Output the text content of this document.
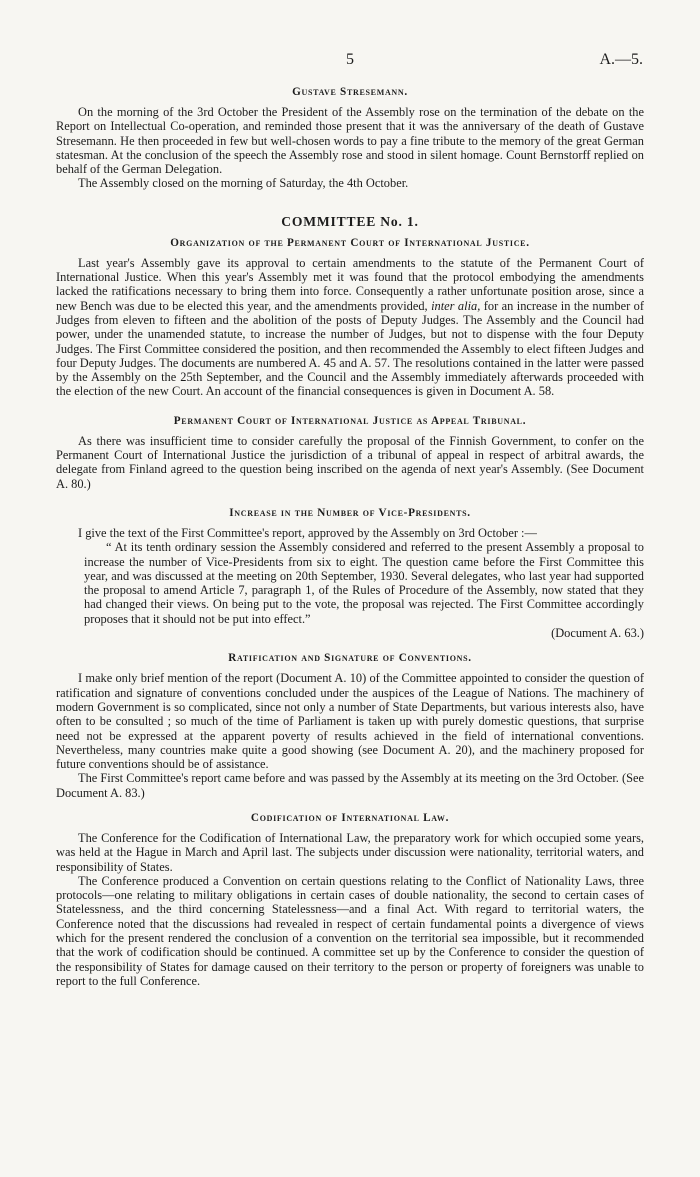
5	A.—5.
Gustave Stresemann.

On the morning of the 3rd October the President of the Assembly rose on the termination of the debate on the Report on Intellectual Co-operation, and reminded those present that it was the anniversary of the death of Gustave Stresemann. He then proceeded in few but well-chosen words to pay a fine tribute to the memory of the great German statesman. At the conclusion of the speech the Assembly rose and stood in silent homage. Count Bernstorff replied on behalf of the German Delegation.

The Assembly closed on the morning of Saturday, the 4th October.

COMMITTEE No. 1.
Organization of the Permanent Court of International Justice.

Last year's Assembly gave its approval to certain amendments to the statute of the Permanent Court of International Justice. When this year's Assembly met it was found that the protocol embodying the amendments lacked the ratifications necessary to bring them into force. Consequently a rather unfortunate position arose, since a new Bench was due to be elected this year, and the amendments provided, inter alia, for an increase in the number of Judges from eleven to fifteen and the abolition of the posts of Deputy Judges. The Assembly and the Council had power, under the unamended statute, to increase the number of Judges, but not to dispense with the four Deputy Judges. The First Committee considered the position, and then recommended the Assembly to elect fifteen Judges and four Deputy Judges. The documents are numbered A. 45 and A. 57. The resolutions contained in the latter were passed by the Assembly on the 25th September, and the Council and the Assembly immediately afterwards proceeded with the election of the new Court. An account of the financial consequences is given in Document A. 58.

Permanent Court of International Justice as Appeal Tribunal.

As there was insufficient time to consider carefully the proposal of the Finnish Government, to confer on the Permanent Court of International Justice the jurisdiction of a tribunal of appeal in respect of arbitral awards, the delegate from Finland agreed to the question being inscribed on the agenda of next year's Assembly. (See Document A. 80.)

Increase in the Number of Vice-Presidents.

I give the text of the First Committee's report, approved by the Assembly on 3rd October :—

“ At its tenth ordinary session the Assembly considered and referred to the present Assembly a proposal to increase the number of Vice-Presidents from six to eight. The question came before the First Committee this year, and was discussed at the meeting on 20th September, 1930. Several delegates, who last year had supported the proposal to amend Article 7, paragraph 1, of the Rules of Procedure of the Assembly, now stated that they had changed their views. On being put to the vote, the proposal was rejected. The First Committee accordingly proposes that it should not be put into effect.”
(Document A. 63.)
Ratification and Signature of Conventions.

I make only brief mention of the report (Document A. 10) of the Committee appointed to consider the question of ratification and signature of conventions concluded under the auspices of the League of Nations. The machinery of modern Government is so complicated, since not only a number of State Departments, but various interests also, have often to be consulted ; so much of the time of Parliament is taken up with purely domestic questions, that surprise need not be expressed at the apparent poverty of results achieved in the field of international conventions. Nevertheless, many countries make quite a good showing (see Document A. 20), and the machinery proposed for future conventions should be of assistance.

The First Committee's report came before and was passed by the Assembly at its meeting on the 3rd October. (See Document A. 83.)

Codification of International Law.

The Conference for the Codification of International Law, the preparatory work for which occupied some years, was held at the Hague in March and April last. The subjects under discussion were nationality, territorial waters, and responsibility of States.

The Conference produced a Convention on certain questions relating to the Conflict of Nationality Laws, three protocols—one relating to military obligations in certain cases of double nationality, the second to certain cases of Statelessness, and the third concerning Statelessness—and a final Act. With regard to territorial waters, the Conference noted that the discussions had revealed in respect of certain fundamental points a divergence of views which for the present rendered the conclusion of a convention on the territorial sea impossible, but it recommended that the work of codification should be continued. A committee set up by the Conference to consider the question of the responsibility of States for damage caused on their territory to the person or property of foreigners was unable to report to the full Conference.
